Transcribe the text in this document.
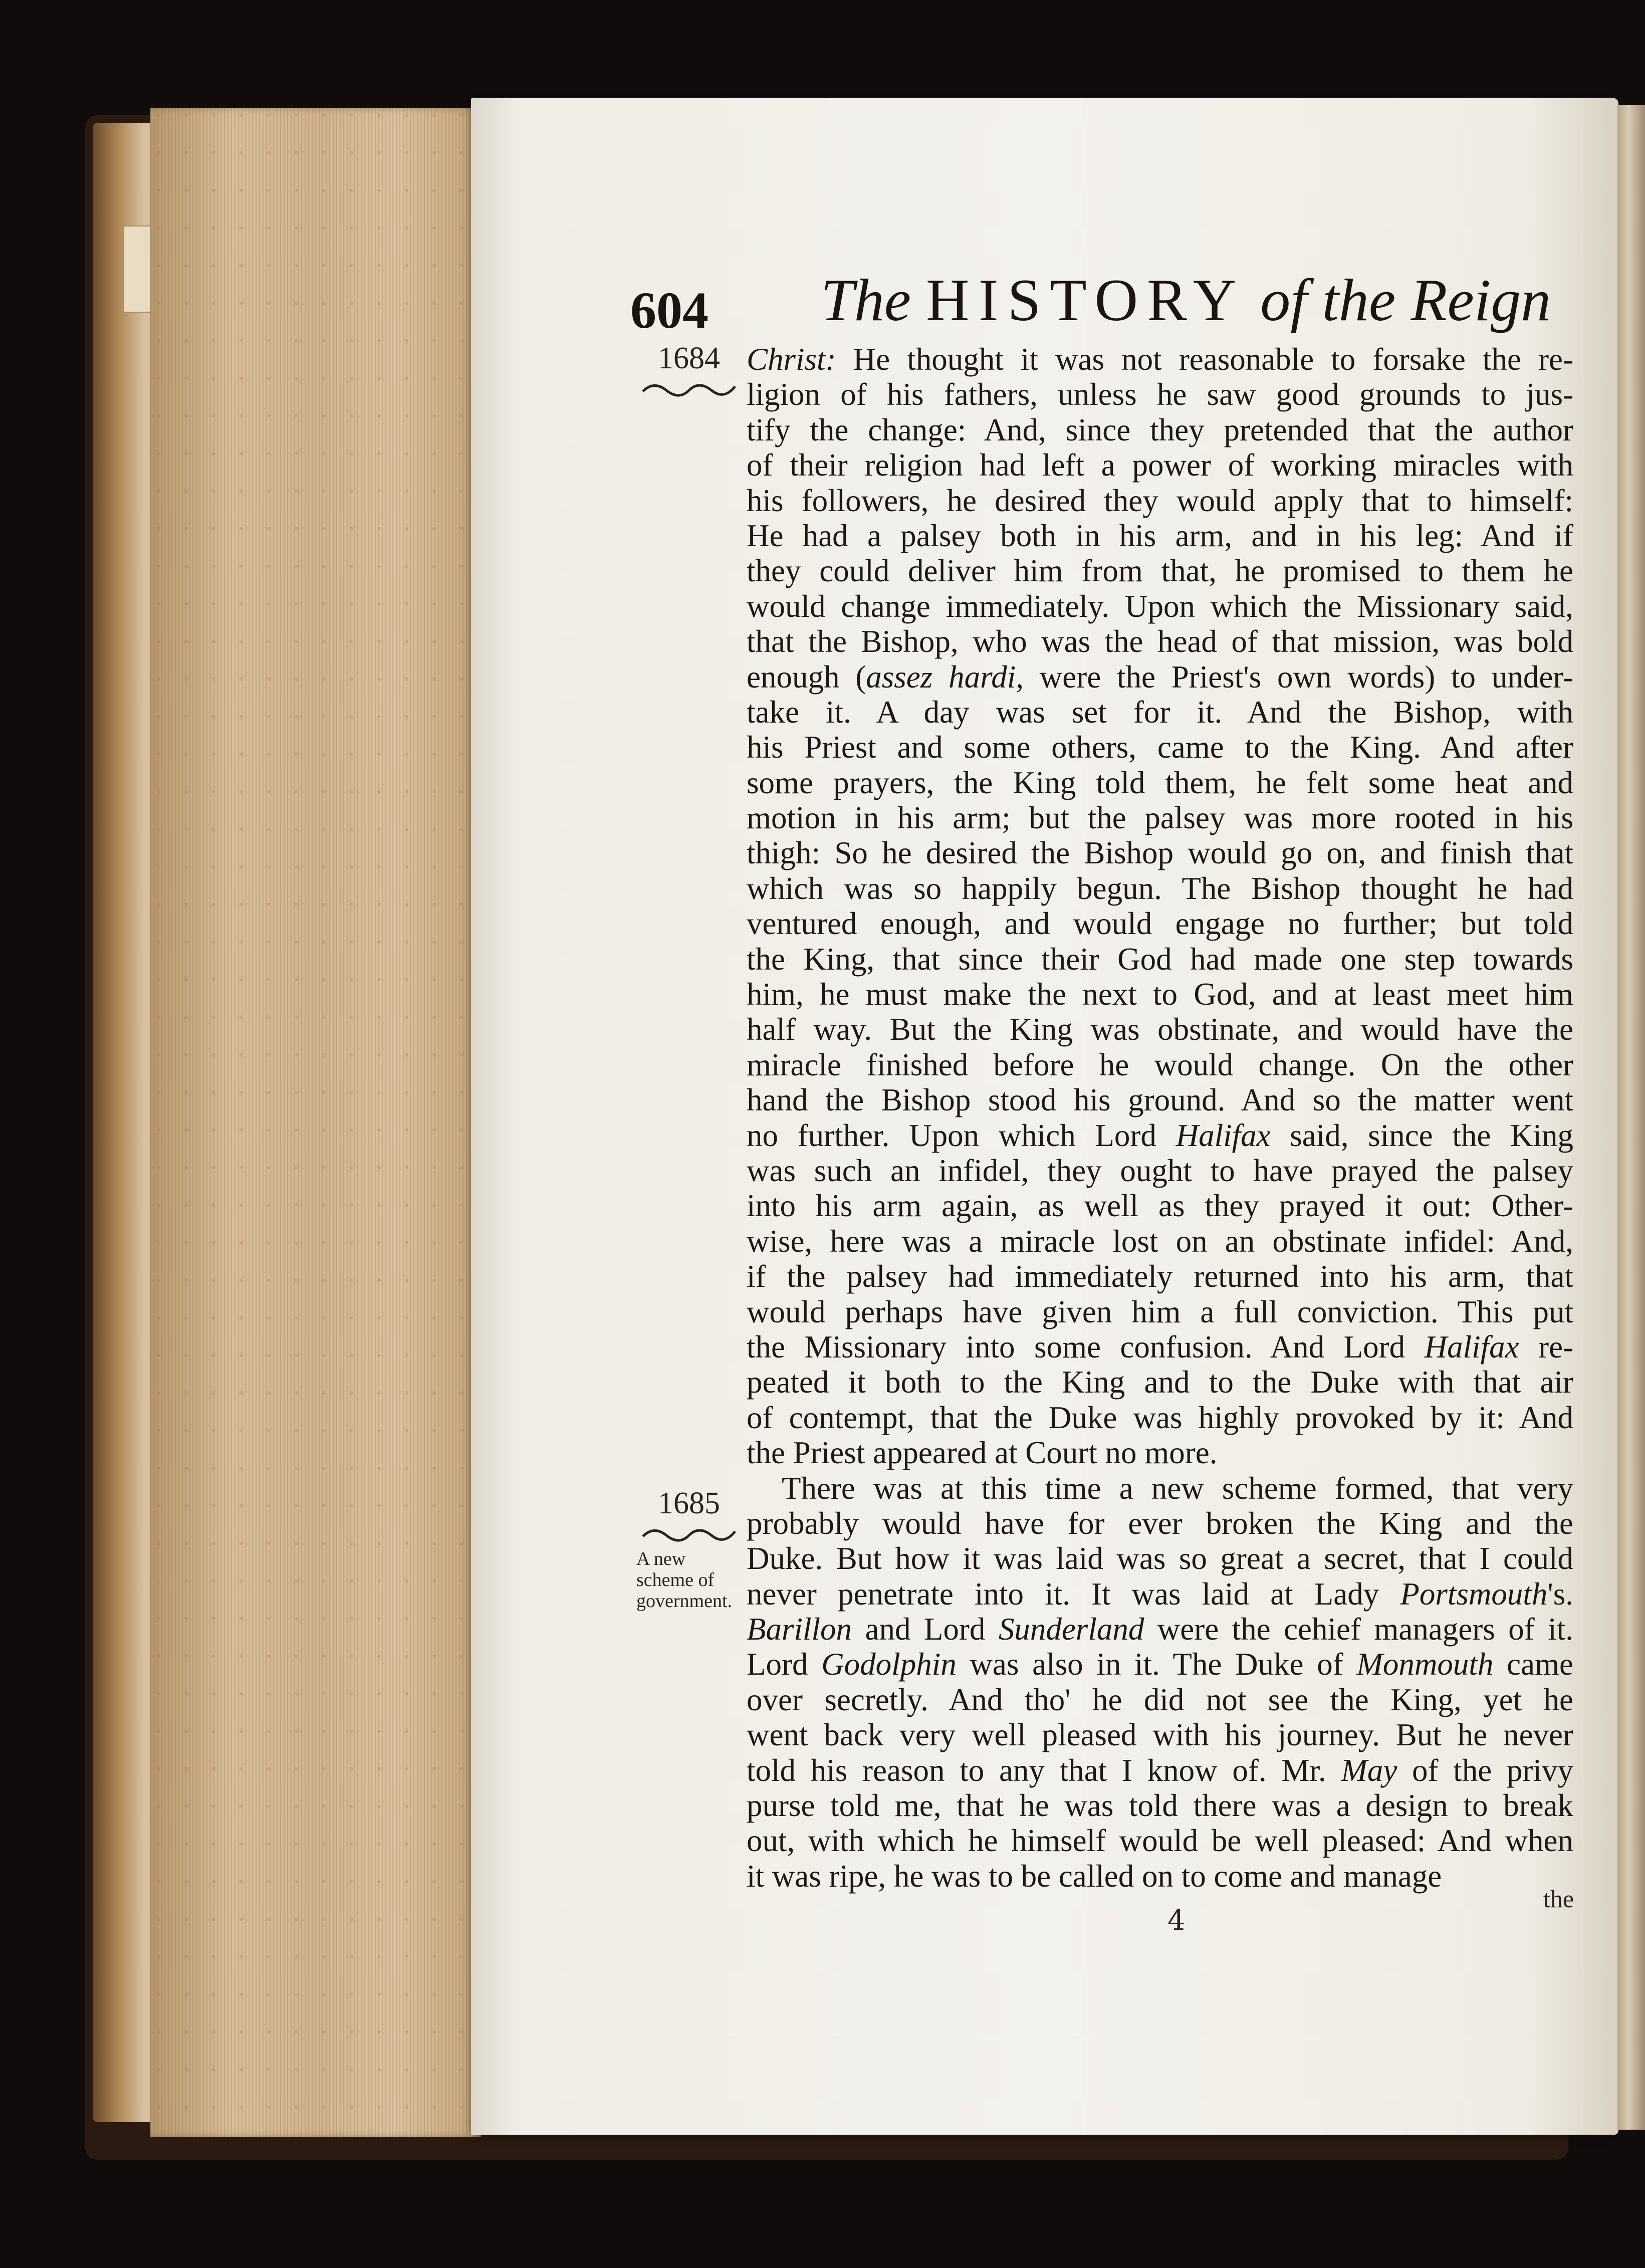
604 The HISTORY of the Reign
1684
1685
A new
scheme of
government.
Christ: He thought it was not reasonable to forsake the re-
ligion of his fathers, unless he saw good grounds to jus-
tify the change: And, since they pretended that the author
of their religion had left a power of working miracles with
his followers, he desired they would apply that to himself:
He had a palsey both in his arm, and in his leg: And if
they could deliver him from that, he promised to them he
would change immediately. Upon which the Missionary said,
that the Bishop, who was the head of that mission, was bold
enough (assez hardi, were the Priest's own words) to under-
take it. A day was set for it. And the Bishop, with
his Priest and some others, came to the King. And after
some prayers, the King told them, he felt some heat and
motion in his arm; but the palsey was more rooted in his
thigh: So he desired the Bishop would go on, and finish that
which was so happily begun. The Bishop thought he had
ventured enough, and would engage no further; but told
the King, that since their God had made one step towards
him, he must make the next to God, and at least meet him
half way. But the King was obstinate, and would have the
miracle finished before he would change. On the other
hand the Bishop stood his ground. And so the matter went
no further. Upon which Lord Halifax said, since the King
was such an infidel, they ought to have prayed the palsey
into his arm again, as well as they prayed it out: Other-
wise, here was a miracle lost on an obstinate infidel: And,
if the palsey had immediately returned into his arm, that
would perhaps have given him a full conviction. This put
the Missionary into some confusion. And Lord Halifax re-
peated it both to the King and to the Duke with that air
of contempt, that the Duke was highly provoked by it: And
the Priest appeared at Court no more.
There was at this time a new scheme formed, that very
probably would have for ever broken the King and the
Duke. But how it was laid was so great a secret, that I could
never penetrate into it. It was laid at Lady Portsmouth's.
Barillon and Lord Sunderland were the cehief managers of it.
Lord Godolphin was also in it. The Duke of Monmouth came
over secretly. And tho' he did not see the King, yet he
went back very well pleased with his journey. But he never
told his reason to any that I know of. Mr. May of the privy
purse told me, that he was told there was a design to break
out, with which he himself would be well pleased: And when
it was ripe, he was to be called on to come and manage
4
the
